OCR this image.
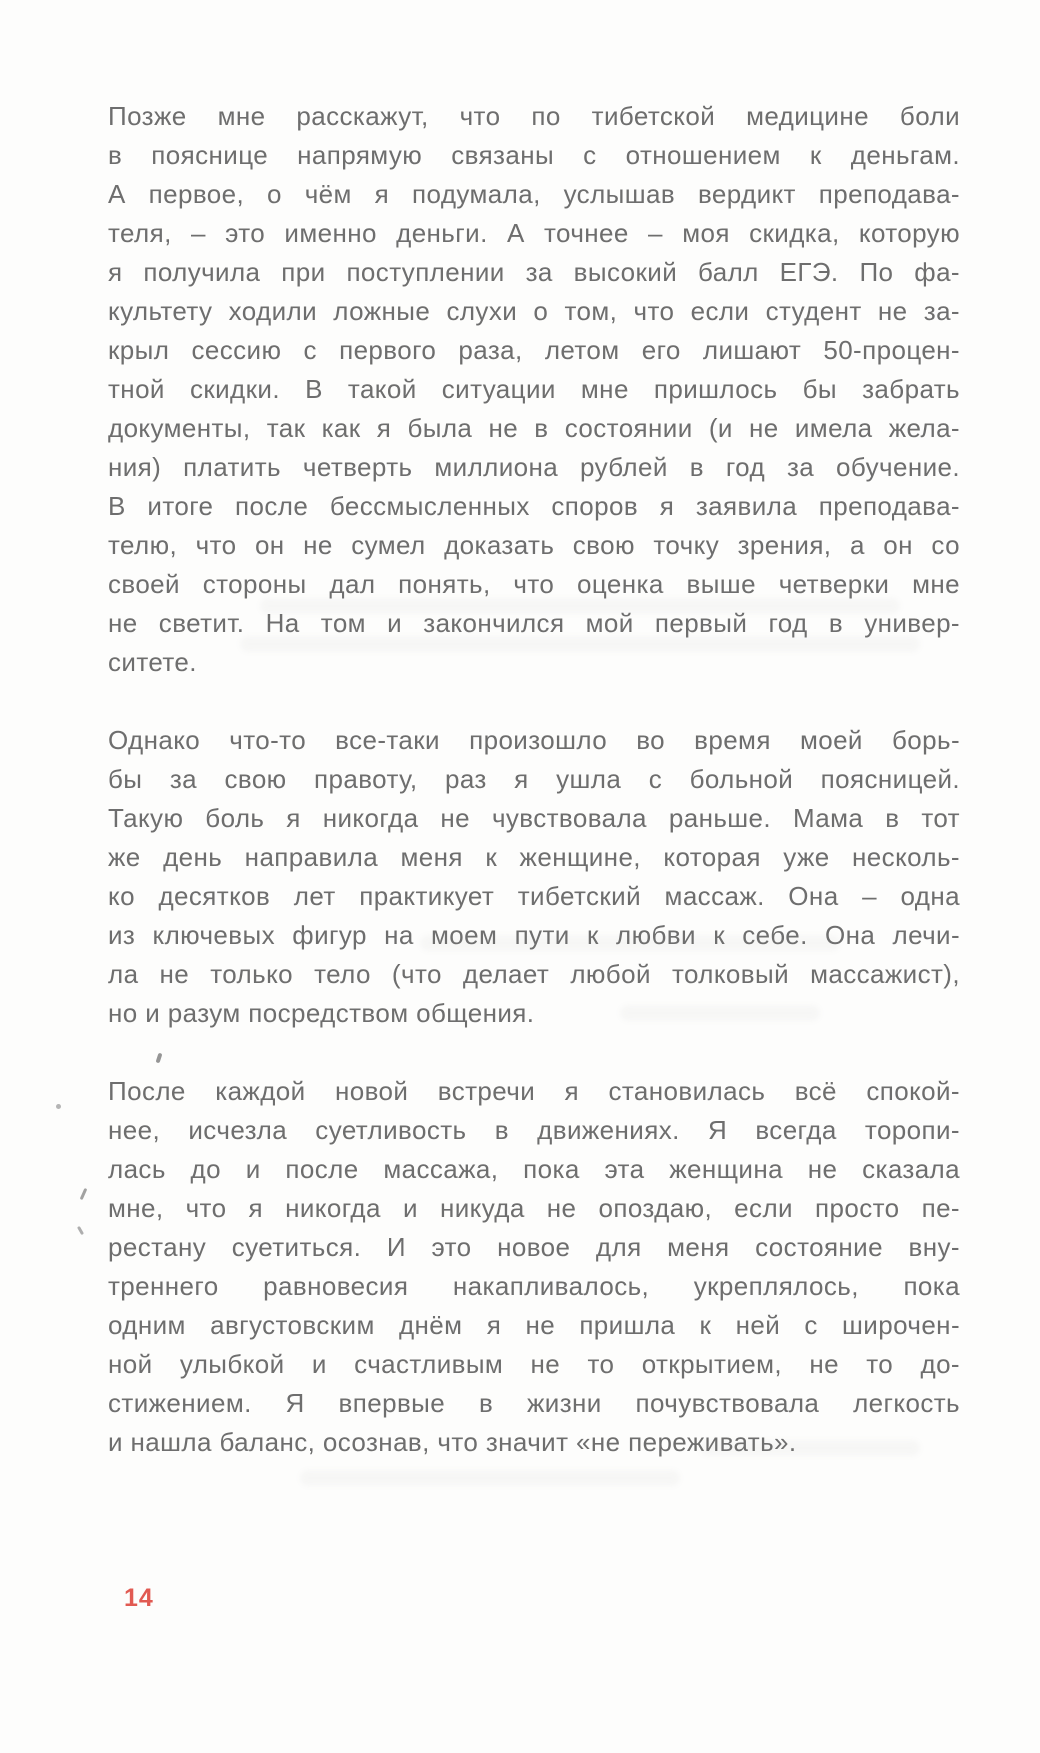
Позже мне расскажут, что по тибетской медицине боли
в пояснице напрямую связаны с отношением к деньгам.
А первое, о чём я подумала, услышав вердикт преподава-
теля, – это именно деньги. А точнее – моя скидка, которую
я получила при поступлении за высокий балл ЕГЭ. По фа-
культету ходили ложные слухи о том, что если студент не за-
крыл сессию с первого раза, летом его лишают 50-процен-
тной скидки. В такой ситуации мне пришлось бы забрать
документы, так как я была не в состоянии (и не имела жела-
ния) платить четверть миллиона рублей в год за обучение.
В итоге после бессмысленных споров я заявила преподава-
телю, что он не сумел доказать свою точку зрения, а он со
своей стороны дал понять, что оценка выше четверки мне
не светит. На том и закончился мой первый год в универ-
ситете.
Однако что-то все-таки произошло во время моей борь-
бы за свою правоту, раз я ушла с больной поясницей.
Такую боль я никогда не чувствовала раньше. Мама в тот
же день направила меня к женщине, которая уже несколь-
ко десятков лет практикует тибетский массаж. Она – одна
из ключевых фигур на моем пути к любви к себе. Она лечи-
ла не только тело (что делает любой толковый массажист),
но и разум посредством общения.
После каждой новой встречи я становилась всё спокой-
нее, исчезла суетливость в движениях. Я всегда торопи-
лась до и после массажа, пока эта женщина не сказала
мне, что я никогда и никуда не опоздаю, если просто пе-
рестану суетиться. И это новое для меня состояние вну-
треннего равновесия накапливалось, укреплялось, пока
одним августовским днём я не пришла к ней с широчен-
ной улыбкой и счастливым не то открытием, не то до-
стижением. Я впервые в жизни почувствовала легкость
и нашла баланс, осознав, что значит «не переживать».
14
